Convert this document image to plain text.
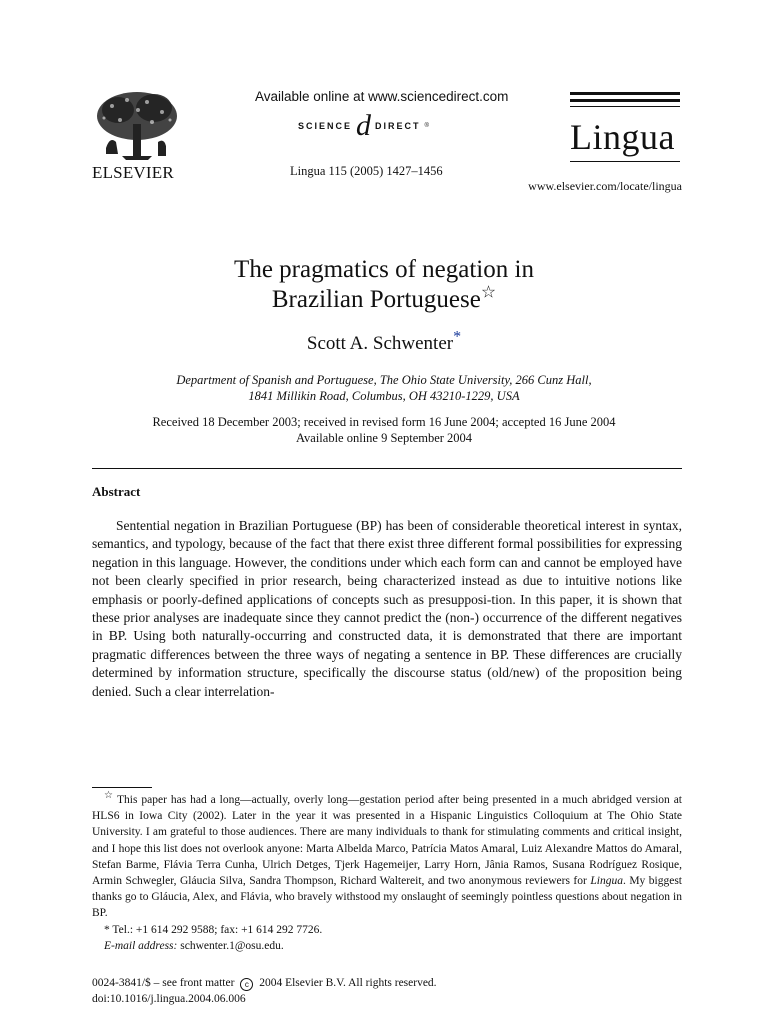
ELSEVIER
Available online at www.sciencedirect.com
SCIENCE d DIRECT ®
Lingua 115 (2005) 1427–1456
Lingua
www.elsevier.com/locate/lingua
The pragmatics of negation in
Brazilian Portuguese☆
Scott A. Schwenter*
Department of Spanish and Portuguese, The Ohio State University, 266 Cunz Hall,
1841 Millikin Road, Columbus, OH 43210-1229, USA
Received 18 December 2003; received in revised form 16 June 2004; accepted 16 June 2004
Available online 9 September 2004
Abstract
Sentential negation in Brazilian Portuguese (BP) has been of considerable theoretical interest in syntax, semantics, and typology, because of the fact that there exist three different formal possibilities for expressing negation in this language. However, the conditions under which each form can and cannot be employed have not been clearly specified in prior research, being characterized instead as due to intuitive notions like emphasis or poorly-defined applications of concepts such as presupposi-tion. In this paper, it is shown that these prior analyses are inadequate since they cannot predict the (non-) occurrence of the different negatives in BP. Using both naturally-occurring and constructed data, it is demonstrated that there are important pragmatic differences between the three ways of negating a sentence in BP. These differences are crucially determined by information structure, specifically the discourse status (old/new) of the proposition being denied. Such a clear interrelation-
☆ This paper has had a long—actually, overly long—gestation period after being presented in a much abridged version at HLS6 in Iowa City (2002). Later in the year it was presented in a Hispanic Linguistics Colloquium at The Ohio State University. I am grateful to those audiences. There are many individuals to thank for stimulating comments and critical insight, and I hope this list does not overlook anyone: Marta Albelda Marco, Patrícia Matos Amaral, Luiz Alexandre Mattos do Amaral, Stefan Barme, Flávia Terra Cunha, Ulrich Detges, Tjerk Hagemeijer, Larry Horn, Jânia Ramos, Susana Rodríguez Rosique, Armin Schwegler, Gláucia Silva, Sandra Thompson, Richard Waltereit, and two anonymous reviewers for Lingua. My biggest thanks go to Gláucia, Alex, and Flávia, who bravely withstood my onslaught of seemingly pointless questions about negation in BP.
* Tel.: +1 614 292 9588; fax: +1 614 292 7726.
E-mail address: schwenter.1@osu.edu.
0024-3841/$ – see front matter c 2004 Elsevier B.V. All rights reserved.
doi:10.1016/j.lingua.2004.06.006
